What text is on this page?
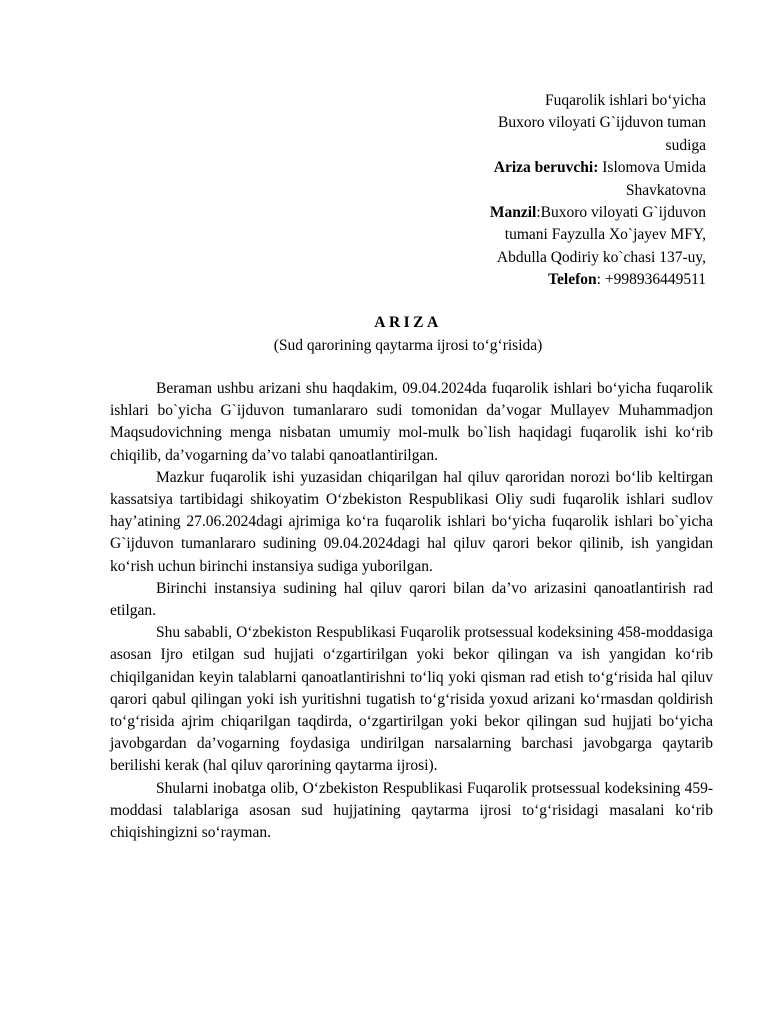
Fuqarolik ishlari bo‘yicha
Buxoro viloyati G`ijduvon tuman
sudiga
Ariza beruvchi: Islomova Umida
Shavkatovna
Manzil:Buxoro viloyati G`ijduvon
tumani Fayzulla Xo`jayev MFY,
Abdulla Qodiriy ko`chasi 137-uy,
Telefon: +998936449511
ARIZA
(Sud qarorining qaytarma ijrosi to‘g‘risida)

Beraman ushbu arizani shu haqdakim, 09.04.2024da fuqarolik ishlari bo‘yicha fuqarolik ishlari bo`yicha G`ijduvon tumanlararo sudi tomonidan da’vogar Mullayev Muhammadjon Maqsudovichning menga nisbatan umumiy mol-mulk bo`lish haqidagi fuqarolik ishi ko‘rib chiqilib, da’vogarning da’vo talabi qanoatlantirilgan.

Mazkur fuqarolik ishi yuzasidan chiqarilgan hal qiluv qaroridan norozi bo‘lib keltirgan kassatsiya tartibidagi shikoyatim O‘zbekiston Respublikasi Oliy sudi fuqarolik ishlari sudlov hay’atining 27.06.2024dagi ajrimiga ko‘ra fuqarolik ishlari bo‘yicha fuqarolik ishlari bo`yicha G`ijduvon tumanlararo sudining 09.04.2024dagi hal qiluv qarori bekor qilinib, ish yangidan ko‘rish uchun birinchi instansiya sudiga yuborilgan.

Birinchi instansiya sudining hal qiluv qarori bilan da’vo arizasini qanoatlantirish rad etilgan.

Shu sababli, O‘zbekiston Respublikasi Fuqarolik protsessual kodeksining 458-moddasiga asosan Ijro etilgan sud hujjati o‘zgartirilgan yoki bekor qilingan va ish yangidan ko‘rib chiqilganidan keyin talablarni qanoatlantirishni to‘liq yoki qisman rad etish to‘g‘risida hal qiluv qarori qabul qilingan yoki ish yuritishni tugatish to‘g‘risida yoxud arizani ko‘rmasdan qoldirish to‘g‘risida ajrim chiqarilgan taqdirda, o‘zgartirilgan yoki bekor qilingan sud hujjati bo‘yicha javobgardan da’vogarning foydasiga undirilgan narsalarning barchasi javobgarga qaytarib berilishi kerak (hal qiluv qarorining qaytarma ijrosi).

Shularni inobatga olib, O‘zbekiston Respublikasi Fuqarolik protsessual kodeksining 459-moddasi talablariga asosan sud hujjatining qaytarma ijrosi to‘g‘risidagi masalani ko‘rib chiqishingizni so‘rayman.
